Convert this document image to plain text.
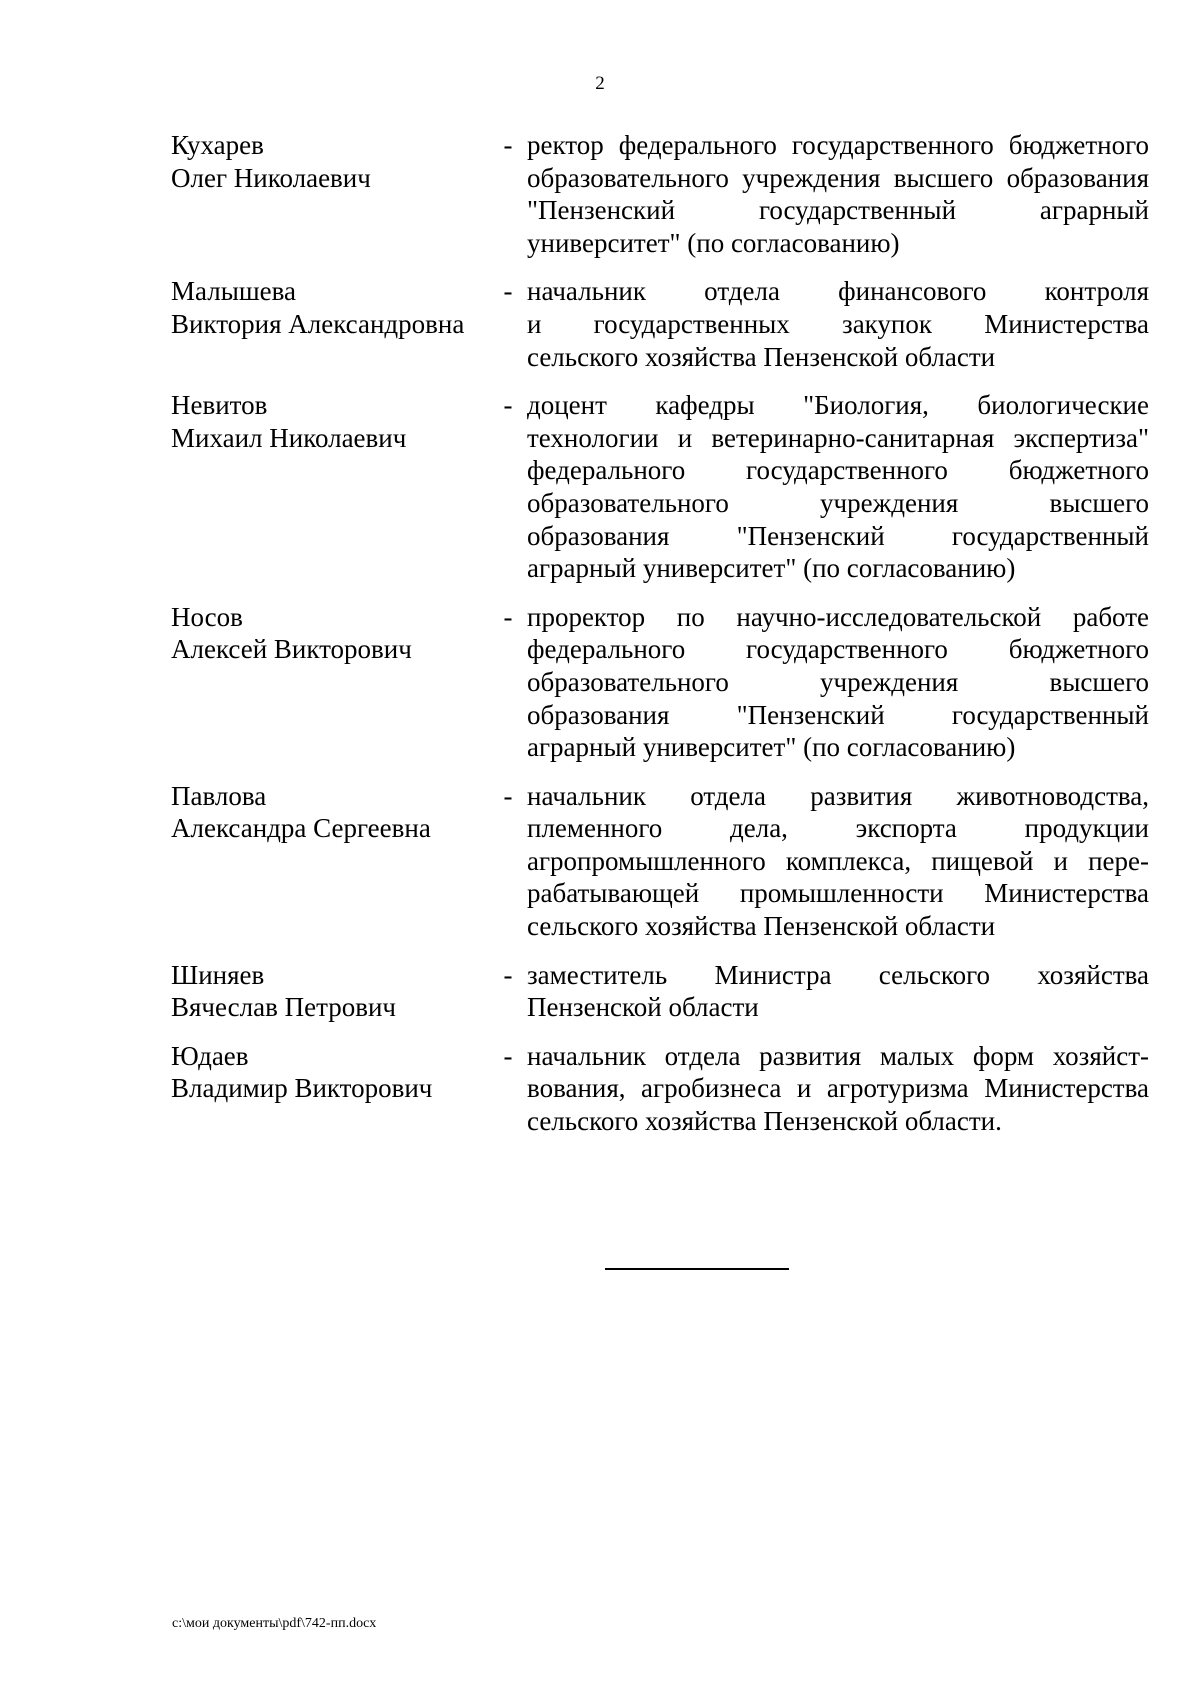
2
Кухарев
Олег Николаевич
- ректор федерального государственного бюджетного
образовательного учреждения высшего образования
"Пензенский государственный аграрный
университет" (по согласованию)
Малышева
Виктория Александровна
- начальник отдела финансового контроля
и государственных закупок Министерства
сельского хозяйства Пензенской области
Невитов
Михаил Николаевич
- доцент кафедры "Биология, биологические
технологии и ветеринарно-санитарная экспертиза"
федерального государственного бюджетного
образовательного учреждения высшего
образования "Пензенский государственный
аграрный университет" (по согласованию)
Носов
Алексей Викторович
- проректор по научно-исследовательской работе
федерального государственного бюджетного
образовательного учреждения высшего
образования "Пензенский государственный
аграрный университет" (по согласованию)
Павлова
Александра Сергеевна
- начальник отдела развития животноводства,
племенного дела, экспорта продукции
агропромышленного комплекса, пищевой и пере-
рабатывающей промышленности Министерства
сельского хозяйства Пензенской области
Шиняев
Вячеслав Петрович
- заместитель Министра сельского хозяйства
Пензенской области
Юдаев
Владимир Викторович
- начальник отдела развития малых форм хозяйст-
вования, агробизнеса и агротуризма Министерства
сельского хозяйства Пензенской области.
c:\мои документы\pdf\742-пп.docx
